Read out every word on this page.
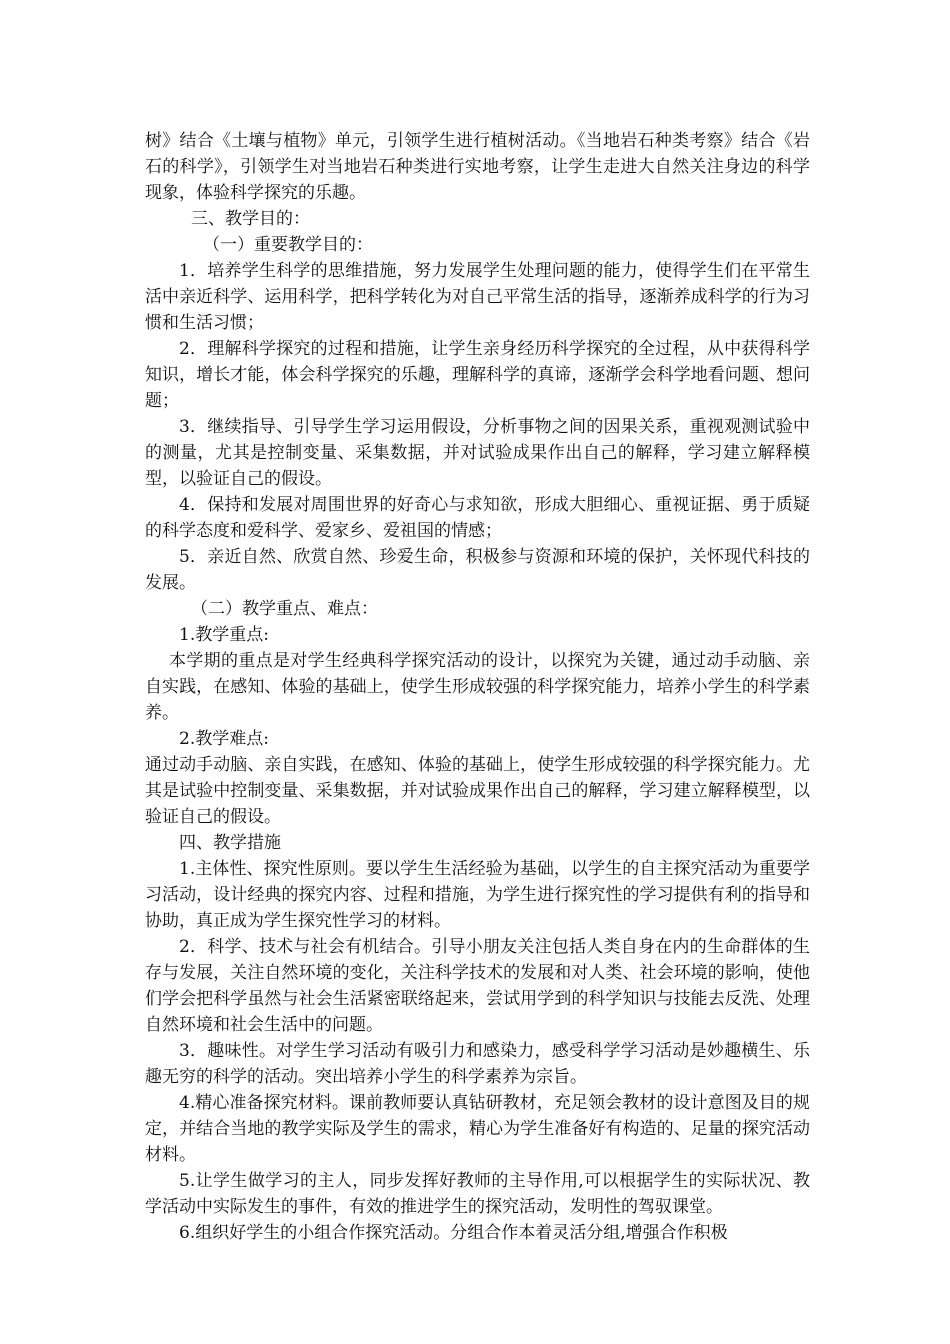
树》结合《土壤与植物》单元，引领学生进行植树活动。《当地岩石种类考察》结合《岩石的科学》，引领学生对当地岩石种类进行实地考察，让学生走进大自然关注身边的科学现象，体验科学探究的乐趣。

三、教学目的：

（一）重要教学目的：

1．培养学生科学的思维措施，努力发展学生处理问题的能力，使得学生们在平常生活中亲近科学、运用科学，把科学转化为对自己平常生活的指导，逐渐养成科学的行为习惯和生活习惯；

2．理解科学探究的过程和措施，让学生亲身经历科学探究的全过程，从中获得科学知识，增长才能，体会科学探究的乐趣，理解科学的真谛，逐渐学会科学地看问题、想问题；

3．继续指导、引导学生学习运用假设，分析事物之间的因果关系，重视观测试验中的测量，尤其是控制变量、采集数据，并对试验成果作出自己的解释，学习建立解释模型，以验证自己的假设。

4．保持和发展对周围世界的好奇心与求知欲，形成大胆细心、重视证据、勇于质疑的科学态度和爱科学、爱家乡、爱祖国的情感；

5．亲近自然、欣赏自然、珍爱生命，积极参与资源和环境的保护，关怀现代科技的发展。

（二）教学重点、难点：

1.教学重点:

本学期的重点是对学生经典科学探究活动的设计，以探究为关键，通过动手动脑、亲自实践，在感知、体验的基础上，使学生形成较强的科学探究能力，培养小学生的科学素养。

2.教学难点:

通过动手动脑、亲自实践，在感知、体验的基础上，使学生形成较强的科学探究能力。尤其是试验中控制变量、采集数据，并对试验成果作出自己的解释，学习建立解释模型，以验证自己的假设。

四、教学措施

1.主体性、探究性原则。要以学生生活经验为基础，以学生的自主探究活动为重要学习活动，设计经典的探究内容、过程和措施，为学生进行探究性的学习提供有利的指导和协助，真正成为学生探究性学习的材料。

2．科学、技术与社会有机结合。引导小朋友关注包括人类自身在内的生命群体的生存与发展，关注自然环境的变化，关注科学技术的发展和对人类、社会环境的影响，使他们学会把科学虽然与社会生活紧密联络起来，尝试用学到的科学知识与技能去反洗、处理自然环境和社会生活中的问题。

3．趣味性。对学生学习活动有吸引力和感染力，感受科学学习活动是妙趣横生、乐趣无穷的科学的活动。突出培养小学生的科学素养为宗旨。

4.精心准备探究材料。课前教师要认真钻研教材，充足领会教材的设计意图及目的规定，并结合当地的教学实际及学生的需求，精心为学生准备好有构造的、足量的探究活动材料。

5.让学生做学习的主人，同步发挥好教师的主导作用,可以根据学生的实际状况、教学活动中实际发生的事件，有效的推进学生的探究活动，发明性的驾驭课堂。

6.组织好学生的小组合作探究活动。分组合作本着灵活分组,增强合作积极
